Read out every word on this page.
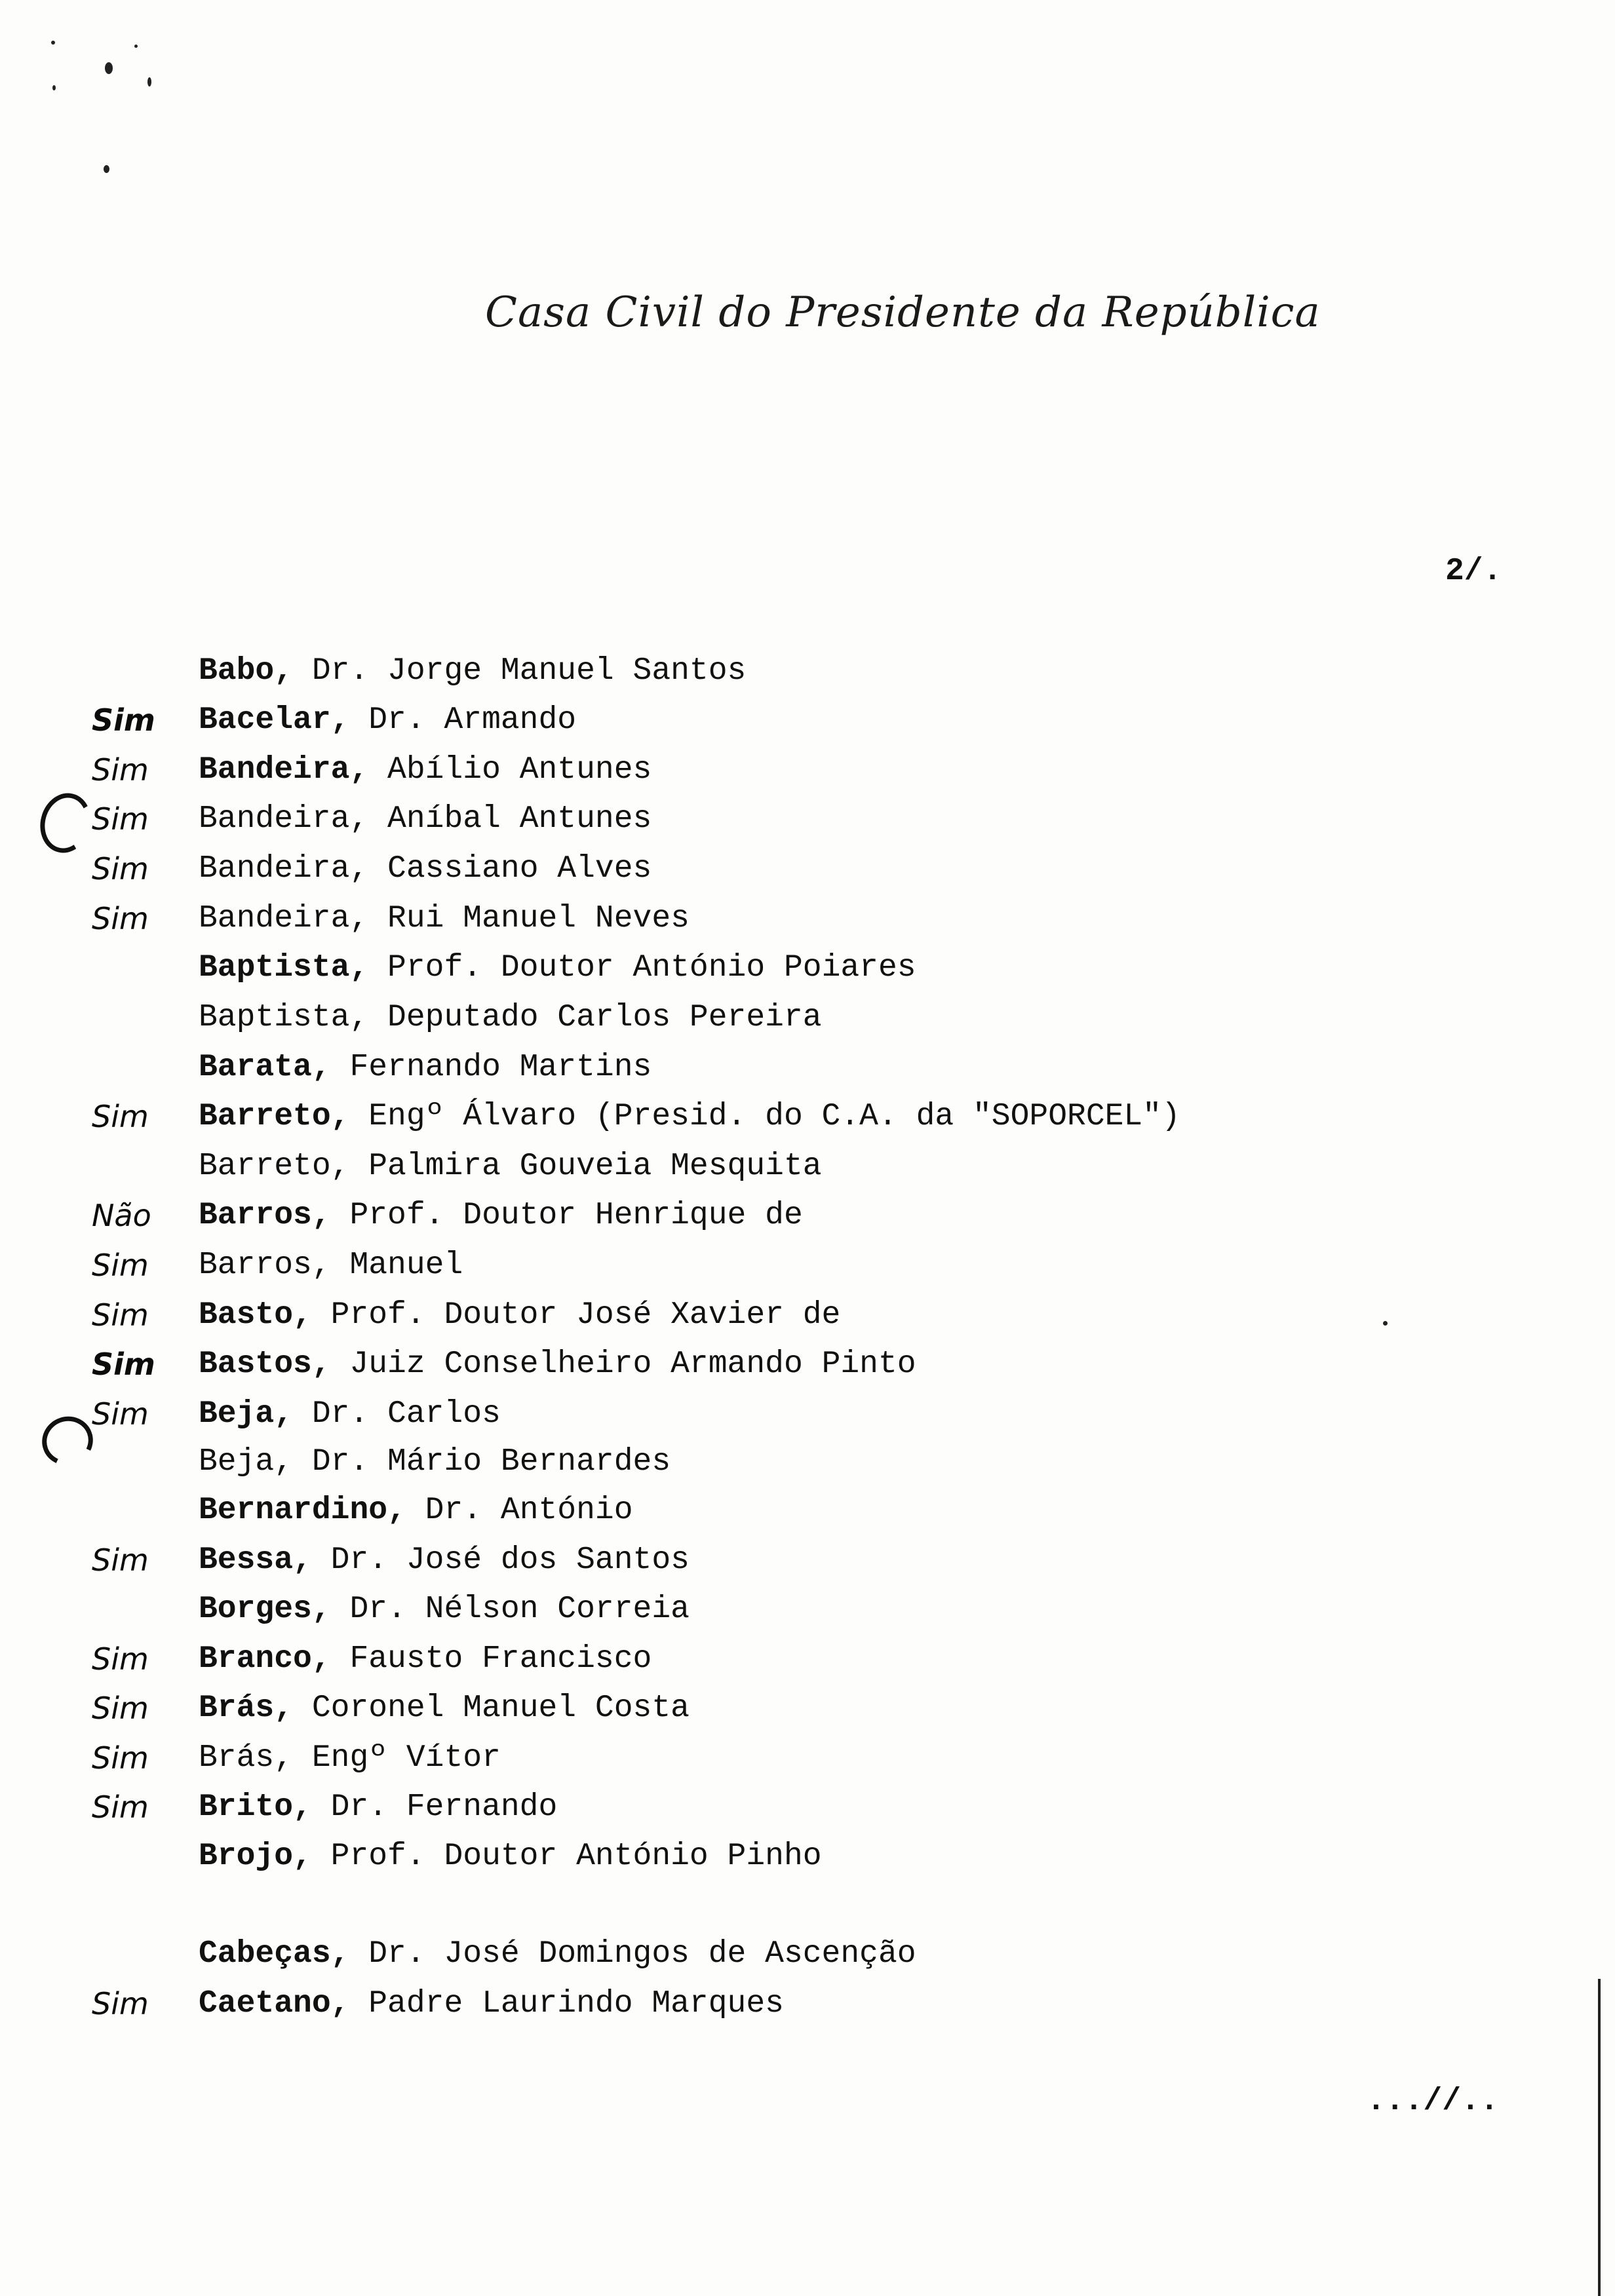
Casa Civil do Presidente da República
2/.
Babo, Dr. Jorge Manuel Santos
Sim	Bacelar, Dr. Armando
Sim	Bandeira, Abílio Antunes
Sim	Bandeira, Aníbal Antunes
Sim	Bandeira, Cassiano Alves
Sim	Bandeira, Rui Manuel Neves
Baptista, Prof. Doutor António Poiares
Baptista, Deputado Carlos Pereira
Barata, Fernando Martins
Sim	Barreto, Engº Álvaro (Presid. do C.A. da "SOPORCEL")
Barreto, Palmira Gouveia Mesquita
Não	Barros, Prof. Doutor Henrique de
Sim	Barros, Manuel
Sim	Basto, Prof. Doutor José Xavier de
Sim	Bastos, Juiz Conselheiro Armando Pinto
Sim	Beja, Dr. Carlos
Beja, Dr. Mário Bernardes
Bernardino, Dr. António
Sim	Bessa, Dr. José dos Santos
Borges, Dr. Nélson Correia
Sim	Branco, Fausto Francisco
Sim	Brás, Coronel Manuel Costa
Sim	Brás, Engº Vítor
Sim	Brito, Dr. Fernando
Brojo, Prof. Doutor António Pinho
Cabeças, Dr. José Domingos de Ascenção
Sim	Caetano, Padre Laurindo Marques
...//..
